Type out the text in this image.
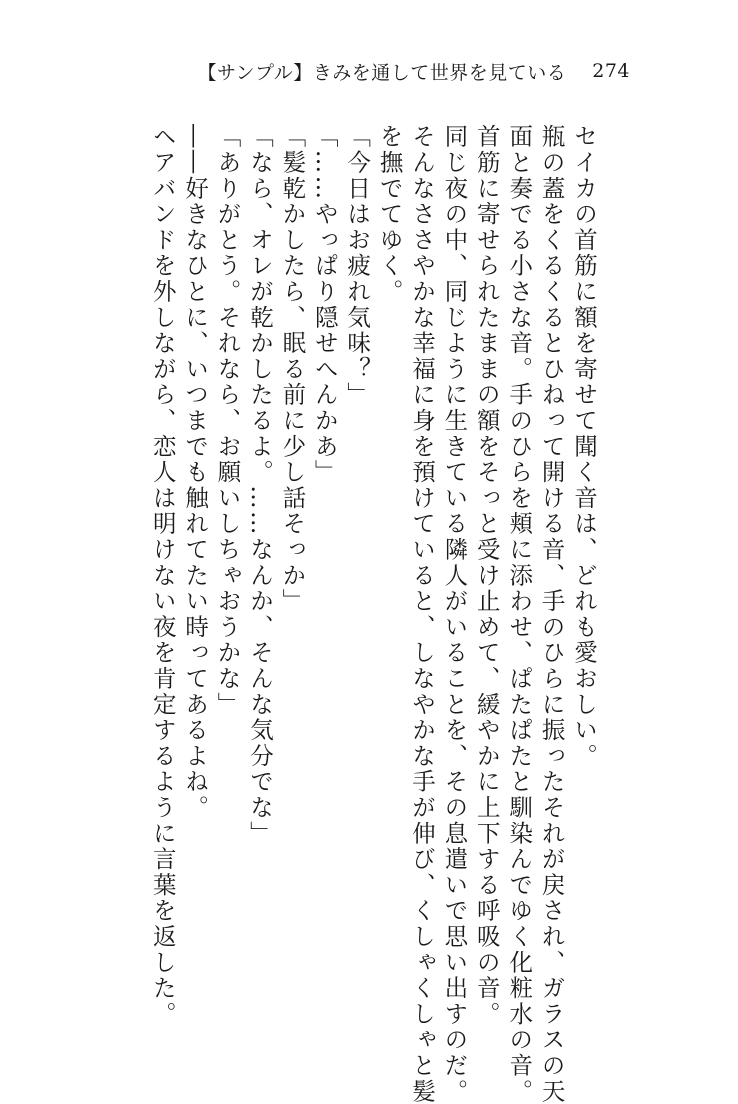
【サンプル】きみを通して世界を見ている 274
セイカの首筋に額を寄せて聞く音は、どれも愛おしい。
瓶の蓋をくるくるとひねって開ける音、手のひらに振ったそれが戻され、ガラスの天
面と奏でる小さな音。手のひらを頬に添わせ、ぱたぱたと馴染んでゆく化粧水の音。
首筋に寄せられたままの額をそっと受け止めて、緩やかに上下する呼吸の音。
同じ夜の中、同じように生きている隣人がいることを、その息遣いで思い出すのだ。
そんなささやかな幸福に身を預けていると、しなやかな手が伸び、くしゃくしゃと髪
を撫でてゆく。
「今日はお疲れ気味？」
「……やっぱり隠せへんかあ」
「髪乾かしたら、眠る前に少し話そっか」
「なら、オレが乾かしたるよ。……なんか、そんな気分でな」
「ありがとう。それなら、お願いしちゃおうかな」
――好きなひとに、いつまでも触れてたい時ってあるよね。
ヘアバンドを外しながら、恋人は明けない夜を肯定するように言葉を返した。
